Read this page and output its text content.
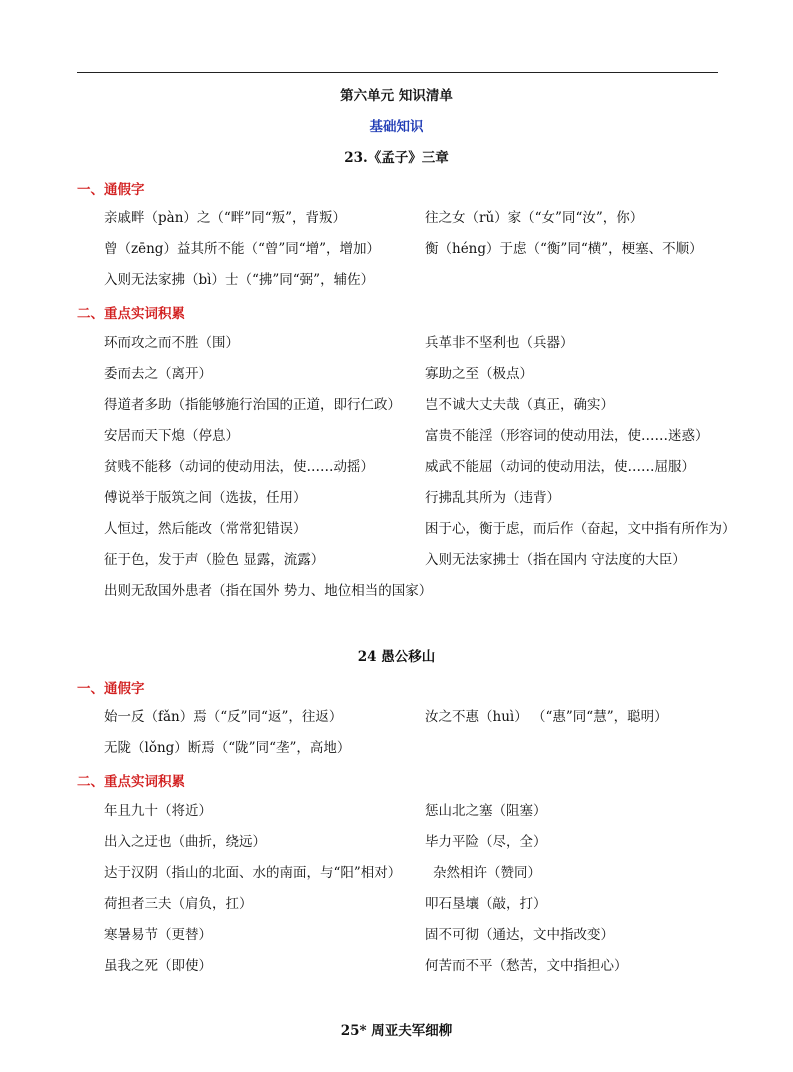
第六单元 知识清单
基础知识
23.《孟子》三章
一、通假字
亲戚畔（pàn）之（“畔”同“叛”，背叛）	往之女（rǔ）家（“女”同“汝”，你）
曾（zēng）益其所不能（“曾”同“增”，增加）	衡（héng）于虑（“衡”同“横”，梗塞、不顺）
入则无法家拂（bì）士（“拂”同“弼”，辅佐）
二、重点实词积累
环而攻之而不胜（围）	兵革非不坚利也（兵器）
委而去之（离开）	寡助之至（极点）
得道者多助（指能够施行治国的正道，即行仁政） 岂不诚大丈夫哉（真正，确实）
安居而天下熄（停息）	富贵不能淫（形容词的使动用法，使……迷惑）
贫贱不能移（动词的使动用法，使……动摇）	威武不能屈（动词的使动用法，使……屈服）
傅说举于版筑之间（选拔，任用）	行拂乱其所为（违背）
人恒过，然后能改（常常犯错误）	困于心，衡于虑，而后作（奋起，文中指有所作为）
征于色，发于声（脸色 显露，流露）	入则无法家拂士（指在国内 守法度的大臣）
出则无敌国外患者（指在国外 势力、地位相当的国家）
24 愚公移山
一、通假字
始一反（fǎn）焉（“反”同“返”，往返）	汝之不惠（huì） （“惠”同“慧”，聪明）
无陇（lǒng）断焉（“陇”同“垄”，高地）
二、重点实词积累
年且九十（将近）	惩山北之塞（阻塞）
出入之迂也（曲折，绕远）	毕力平险（尽，全）
达于汉阴（指山的北面、水的南面，与“阳”相对） 杂然相许（赞同）
荷担者三夫（肩负，扛）	叩石垦壤（敲，打）
寒暑易节（更替）	固不可彻（通达，文中指改变）
虽我之死（即使）	何苦而不平（愁苦，文中指担心）
25* 周亚夫军细柳
